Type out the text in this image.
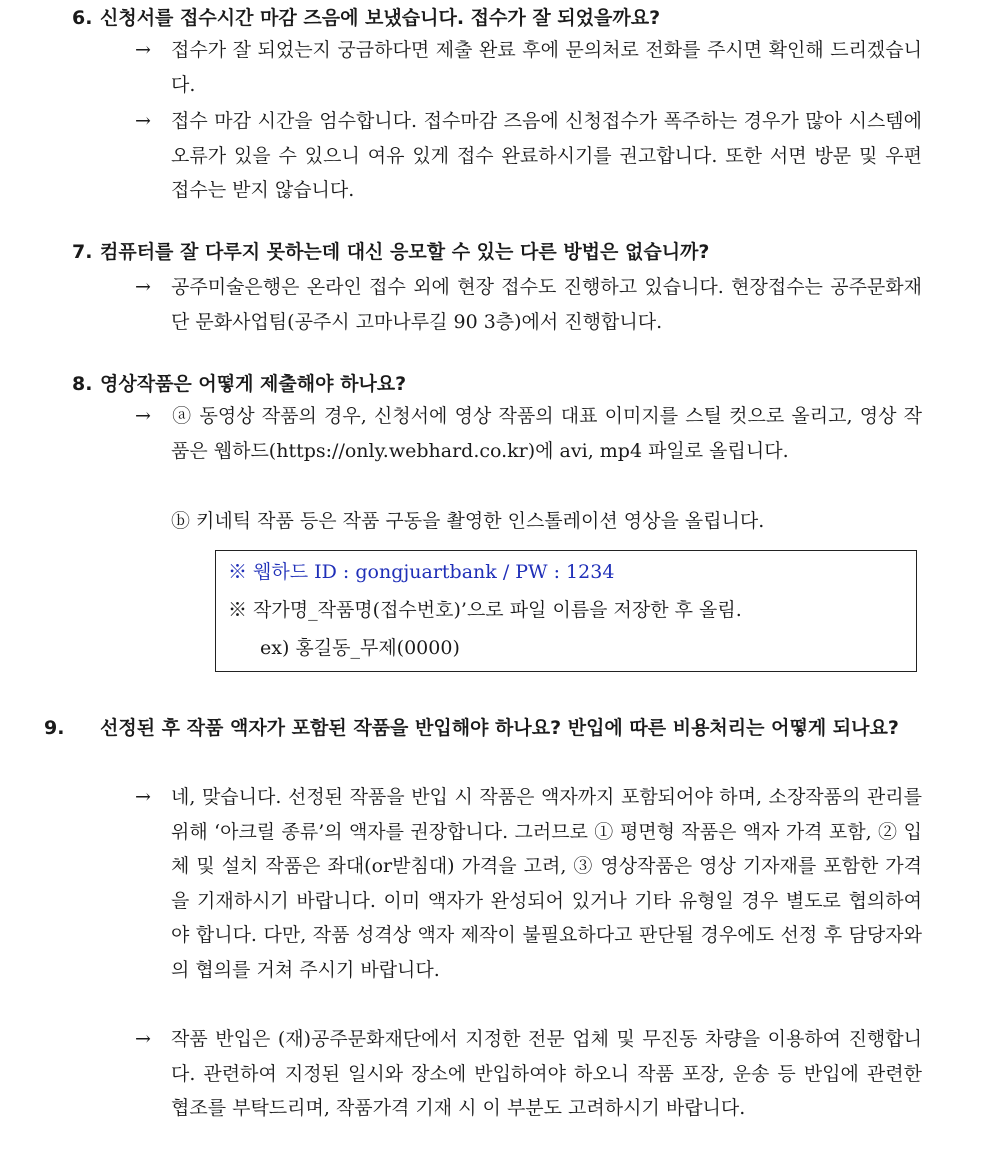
6. 신청서를 접수시간 마감 즈음에 보냈습니다. 접수가 잘 되었을까요?
→ 접수가 잘 되었는지 궁금하다면 제출 완료 후에 문의처로 전화를 주시면 확인해 드리겠습니다.
→ 접수 마감 시간을 엄수합니다. 접수마감 즈음에 신청접수가 폭주하는 경우가 많아 시스템에 오류가 있을 수 있으니 여유 있게 접수 완료하시기를 권고합니다. 또한 서면 방문 및 우편 접수는 받지 않습니다.
7. 컴퓨터를 잘 다루지 못하는데 대신 응모할 수 있는 다른 방법은 없습니까?
→ 공주미술은행은 온라인 접수 외에 현장 접수도 진행하고 있습니다. 현장접수는 공주문화재단 문화사업팀(공주시 고마나루길 90 3층)에서 진행합니다.
8. 영상작품은 어떻게 제출해야 하나요?
→ ⓐ 동영상 작품의 경우, 신청서에 영상 작품의 대표 이미지를 스틸 컷으로 올리고, 영상 작품은 웹하드(https://only.webhard.co.kr)에 avi, mp4 파일로 올립니다.
ⓑ 키네틱 작품 등은 작품 구동을 촬영한 인스톨레이션 영상을 올립니다.
※ 웹하드 ID : gongjuartbank / PW : 1234
※ 작가명_작품명(접수번호)’으로 파일 이름을 저장한 후 올림.
ex) 홍길동_무제(0000)
9. 선정된 후 작품 액자가 포함된 작품을 반입해야 하나요? 반입에 따른 비용처리는 어떻게 되나요?
→ 네, 맞습니다. 선정된 작품을 반입 시 작품은 액자까지 포함되어야 하며, 소장작품의 관리를 위해 ‘아크릴 종류’의 액자를 권장합니다. 그러므로 ① 평면형 작품은 액자 가격 포함, ② 입체 및 설치 작품은 좌대(or받침대) 가격을 고려, ③ 영상작품은 영상 기자재를 포함한 가격을 기재하시기 바랍니다. 이미 액자가 완성되어 있거나 기타 유형일 경우 별도로 협의하여야 합니다. 다만, 작품 성격상 액자 제작이 불필요하다고 판단될 경우에도 선정 후 담당자와의 협의를 거쳐 주시기 바랍니다.
→ 작품 반입은 (재)공주문화재단에서 지정한 전문 업체 및 무진동 차량을 이용하여 진행합니다. 관련하여 지정된 일시와 장소에 반입하여야 하오니 작품 포장, 운송 등 반입에 관련한 협조를 부탁드리며, 작품가격 기재 시 이 부분도 고려하시기 바랍니다.
